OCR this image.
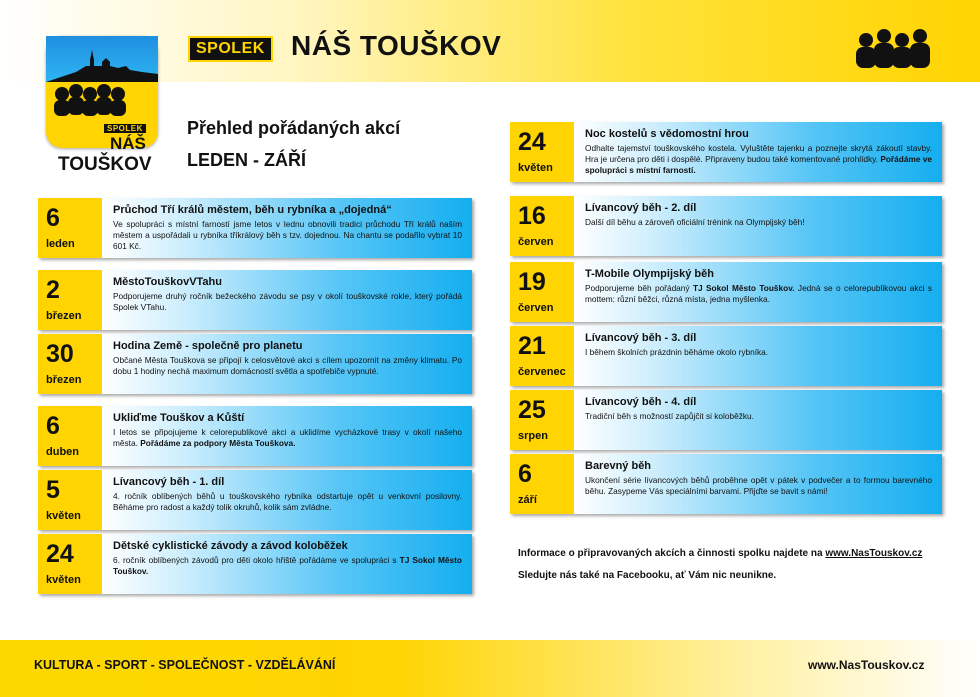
SPOLEK
NÁŠ
TOUŠKOV
SPOLEK NÁŠ TOUŠKOV
Přehled pořádaných akcí
LEDEN - ZÁŘÍ
6
leden
Průchod Tří králů městem, běh u rybníka a „dojedná“
Ve spolupráci s místní farností jsme letos v lednu obnovili tradici průchodu Tří králů naším městem a uspořádali u rybníka tříkrálový běh s tzv. dojednou. Na chantu se podařilo vybrat 10 601 Kč.
2
březen
MěstoTouškovVTahu
Podporujeme druhý ročník bežeckého závodu se psy v okolí touškovské rokle, který pořádá Spolek VTahu.
30
březen
Hodina Země - společně pro planetu
Občané Města Touškova se připojí k celosvětové akci s cílem upozornit na změny klimatu. Po dobu 1 hodiny nechá maximum domácností světla a spotřebiče vypnuté.
6
duben
Ukliďme Touškov a Kůští
I letos se připojujeme k celorepublikové akci a uklidíme vycházkové trasy v okolí našeho města. Pořádáme za podpory Města Touškova.
5
květen
Lívancový běh - 1. díl
4. ročník oblíbených běhů u touškovského rybníka odstartuje opět u venkovní posilovny. Běháme pro radost a každý tolik okruhů, kolik sám zvládne.
24
květen
Dětské cyklistické závody a závod koloběžek
6. ročník oblíbených závodů pro děti okolo hřiště pořádáme ve spolupráci s TJ Sokol Město Touškov.
24
květen
Noc kostelů s vědomostní hrou
Odhalte tajemství touškovského kostela. Vyluštěte tajenku a poznejte skrytá zákoutí stavby. Hra je určena pro děti i dospělé. Připraveny budou také komentované prohlídky. Pořádáme ve spolupráci s místní farností.
16
červen
Lívancový běh - 2. díl
Další díl běhu a zároveň oficiální trénink na Olympijský běh!
19
červen
T-Mobile Olympijský běh
Podporujeme běh pořádaný TJ Sokol Město Touškov. Jedná se o celorepublikovou akci s mottem: různí běžci, různá místa, jedna myšlenka.
21
červenec
Lívancový běh - 3. díl
I během školních prázdnin běháme okolo rybníka.
25
srpen
Lívancový běh - 4. díl
Tradiční běh s možností zapůjčit si koloběžku.
6
září
Barevný běh
Ukončení série lívancových běhů proběhne opět v pátek v podvečer a to formou barevného běhu. Zasypeme Vás speciálními barvami. Přijďte se bavit s námi!
Informace o připravovaných akcích a činnosti spolku najdete na www.NasTouskov.cz
Sledujte nás také na Facebooku, ať Vám nic neunikne.
KULTURA - SPORT - SPOLEČNOST - VZDĚLÁVÁNÍ	www.NasTouskov.cz
